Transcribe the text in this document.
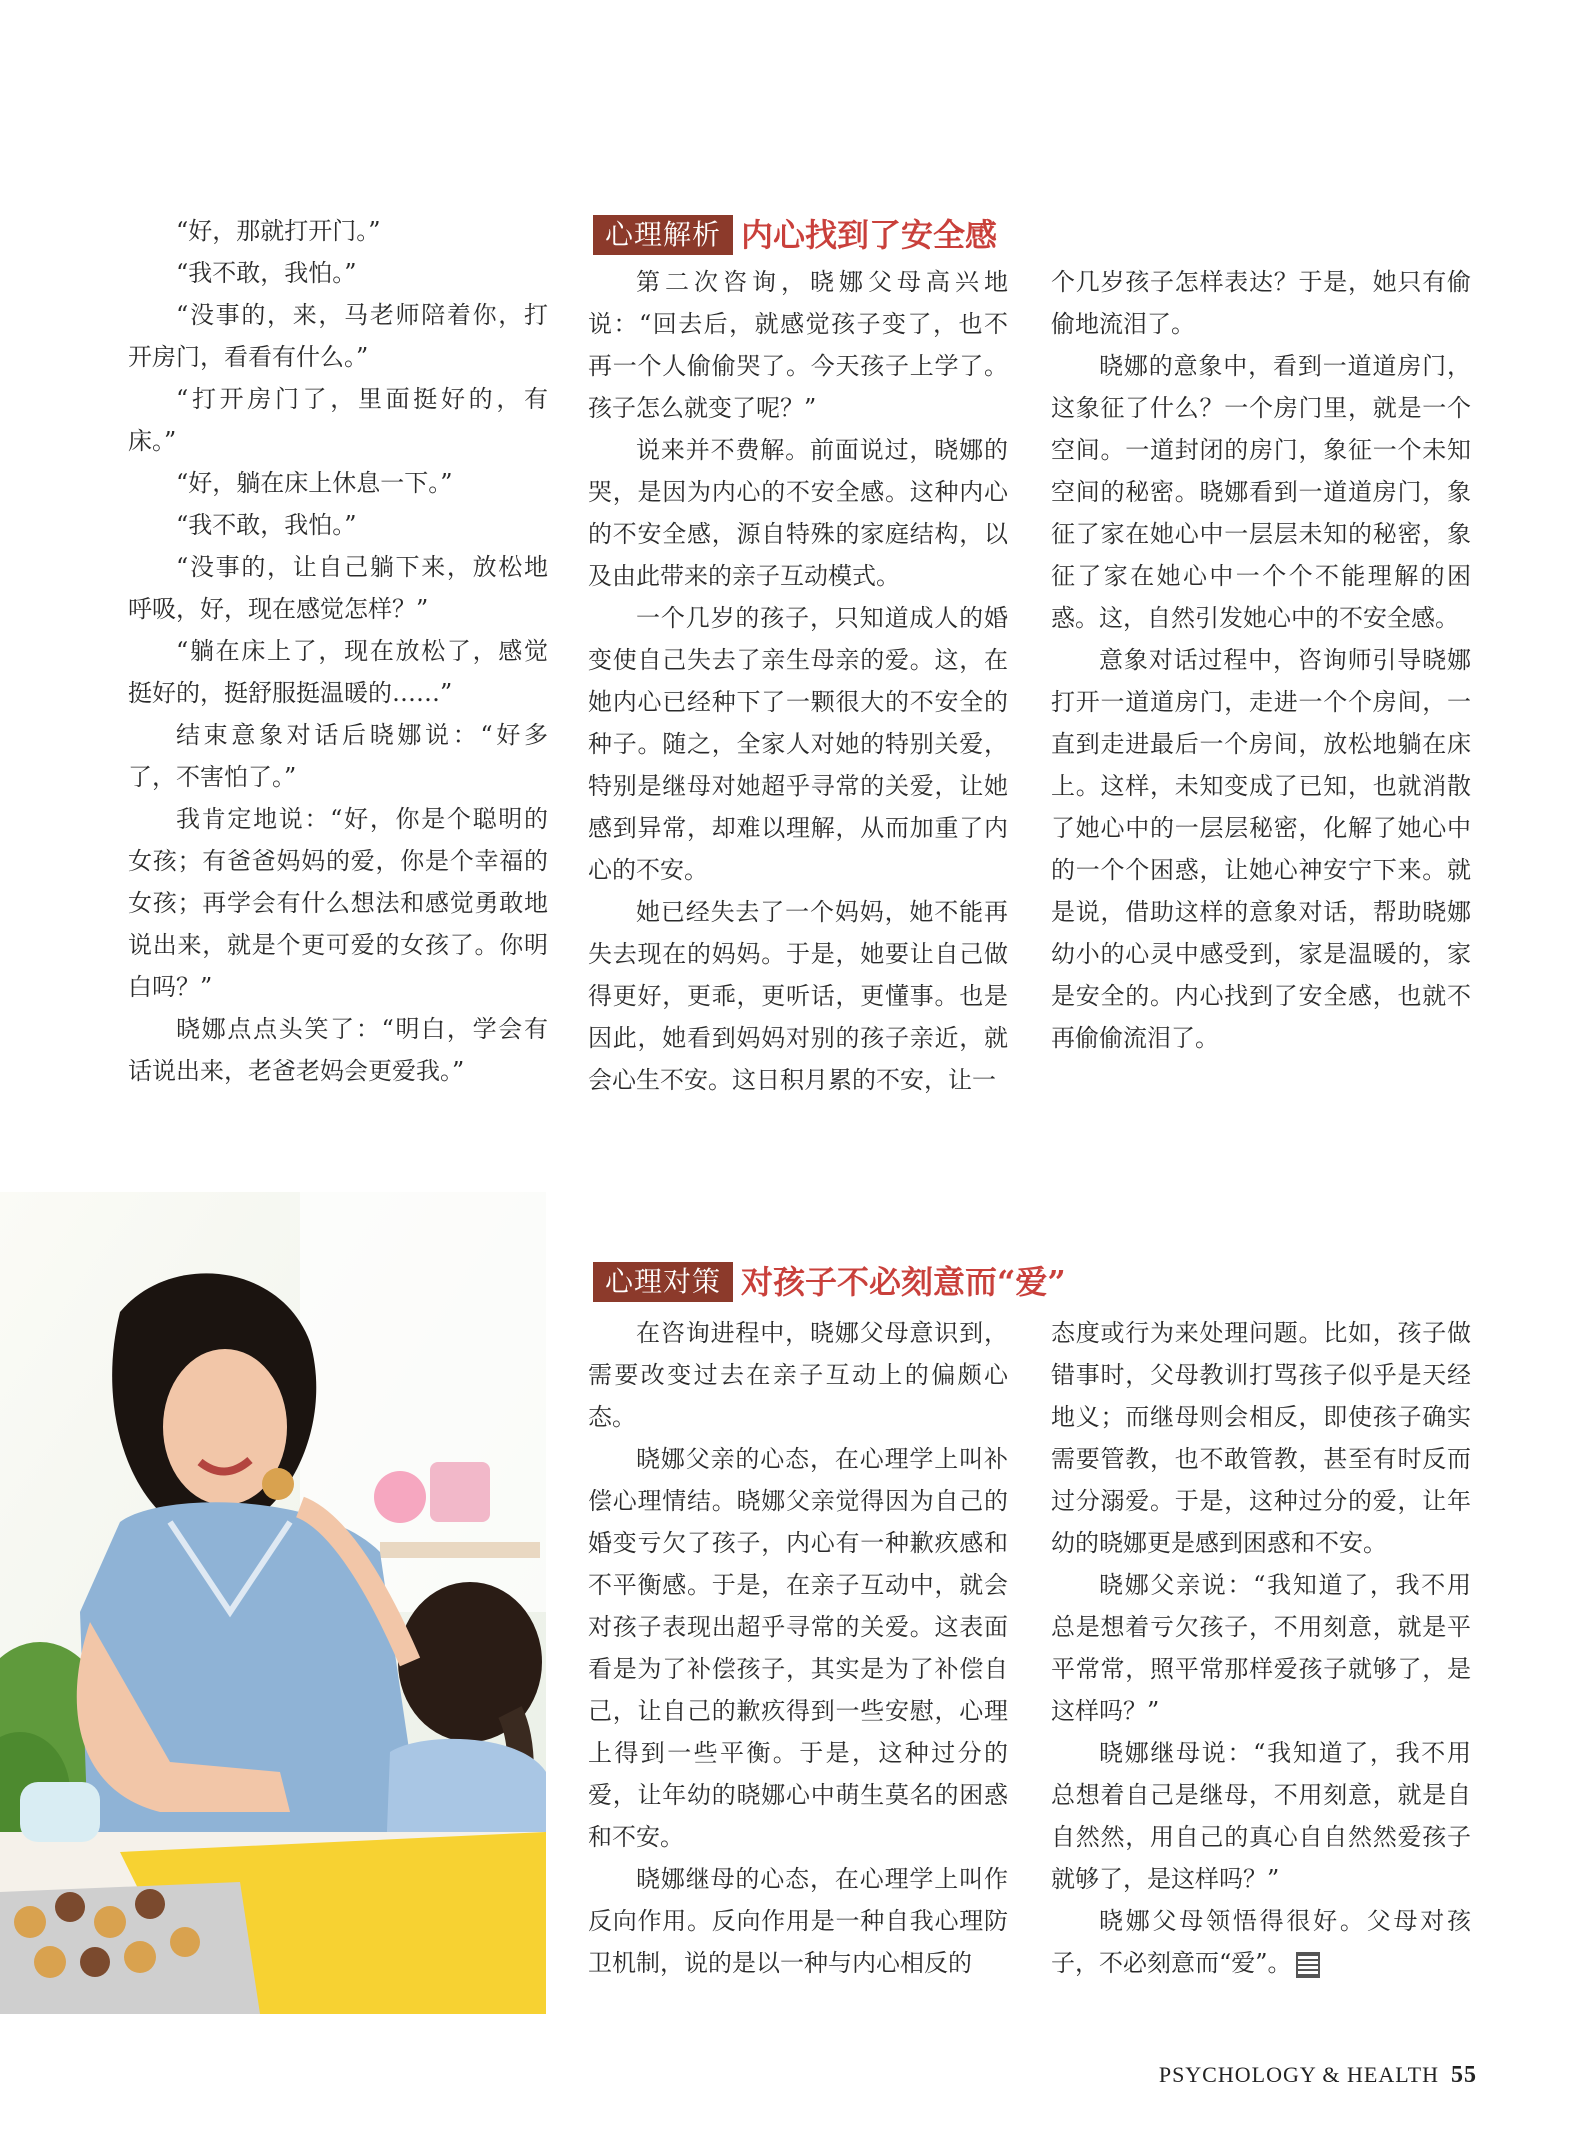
“好，那就打开门。”

“我不敢，我怕。”

“没事的，来，马老师陪着你，打开房门，看看有什么。”

“打开房门了，里面挺好的，有床。”

“好，躺在床上休息一下。”

“我不敢，我怕。”

“没事的，让自己躺下来，放松地呼吸，好，现在感觉怎样？”

“躺在床上了，现在放松了，感觉挺好的，挺舒服挺温暖的……”

结束意象对话后晓娜说：“好多了，不害怕了。”

我肯定地说：“好，你是个聪明的女孩；有爸爸妈妈的爱，你是个幸福的女孩；再学会有什么想法和感觉勇敢地说出来，就是个更可爱的女孩了。你明白吗？”

晓娜点点头笑了：“明白，学会有话说出来，老爸老妈会更爱我。”

心理解析 内心找到了安全感

第二次咨询，晓娜父母高兴地说：“回去后，就感觉孩子变了，也不再一个人偷偷哭了。今天孩子上学了。孩子怎么就变了呢？”

说来并不费解。前面说过，晓娜的哭，是因为内心的不安全感。这种内心的不安全感，源自特殊的家庭结构，以及由此带来的亲子互动模式。

一个几岁的孩子，只知道成人的婚变使自己失去了亲生母亲的爱。这，在她内心已经种下了一颗很大的不安全的种子。随之，全家人对她的特别关爱，特别是继母对她超乎寻常的关爱，让她感到异常，却难以理解，从而加重了内心的不安。

她已经失去了一个妈妈，她不能再失去现在的妈妈。于是，她要让自己做得更好，更乖，更听话，更懂事。也是因此，她看到妈妈对别的孩子亲近，就会心生不安。这日积月累的不安，让一

个几岁孩子怎样表达？于是，她只有偷偷地流泪了。

晓娜的意象中，看到一道道房门，这象征了什么？一个房门里，就是一个空间。一道封闭的房门，象征一个未知空间的秘密。晓娜看到一道道房门，象征了家在她心中一层层未知的秘密，象征了家在她心中一个个不能理解的困惑。这，自然引发她心中的不安全感。

意象对话过程中，咨询师引导晓娜打开一道道房门，走进一个个房间，一直到走进最后一个房间，放松地躺在床上。这样，未知变成了已知，也就消散了她心中的一层层秘密，化解了她心中的一个个困惑，让她心神安宁下来。就是说，借助这样的意象对话，帮助晓娜幼小的心灵中感受到，家是温暖的，家是安全的。内心找到了安全感，也就不再偷偷流泪了。

心理对策 对孩子不必刻意而“爱”

在咨询进程中，晓娜父母意识到，需要改变过去在亲子互动上的偏颇心态。

晓娜父亲的心态，在心理学上叫补偿心理情结。晓娜父亲觉得因为自己的婚变亏欠了孩子，内心有一种歉疚感和不平衡感。于是，在亲子互动中，就会对孩子表现出超乎寻常的关爱。这表面看是为了补偿孩子，其实是为了补偿自己，让自己的歉疚得到一些安慰，心理上得到一些平衡。于是，这种过分的爱，让年幼的晓娜心中萌生莫名的困惑和不安。

晓娜继母的心态，在心理学上叫作反向作用。反向作用是一种自我心理防卫机制，说的是以一种与内心相反的

态度或行为来处理问题。比如，孩子做错事时，父母教训打骂孩子似乎是天经地义；而继母则会相反，即使孩子确实需要管教，也不敢管教，甚至有时反而过分溺爱。于是，这种过分的爱，让年幼的晓娜更是感到困惑和不安。

晓娜父亲说：“我知道了，我不用总是想着亏欠孩子，不用刻意，就是平平常常，照平常那样爱孩子就够了，是这样吗？”

晓娜继母说：“我知道了，我不用总想着自己是继母，不用刻意，就是自自然然，用自己的真心自自然然爱孩子就够了，是这样吗？”

晓娜父母领悟得很好。父母对孩子，不必刻意而“爱”。

PSYCHOLOGY & HEALTH 55
